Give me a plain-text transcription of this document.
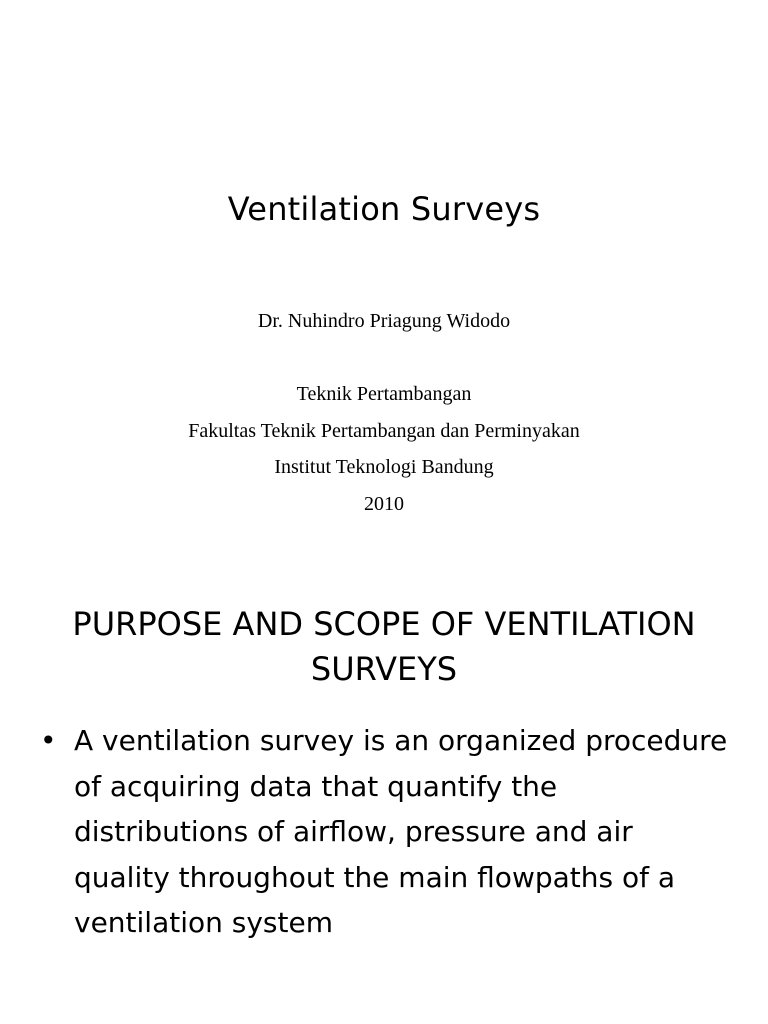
Ventilation Surveys
Dr. Nuhindro Priagung Widodo
Teknik Pertambangan
Fakultas Teknik Pertambangan dan Perminyakan
Institut Teknologi Bandung
2010
PURPOSE AND SCOPE OF VENTILATION SURVEYS
• A ventilation survey is an organized procedure of acquiring data that quantify the distributions of airflow, pressure and air quality throughout the main flowpaths of a ventilation system
